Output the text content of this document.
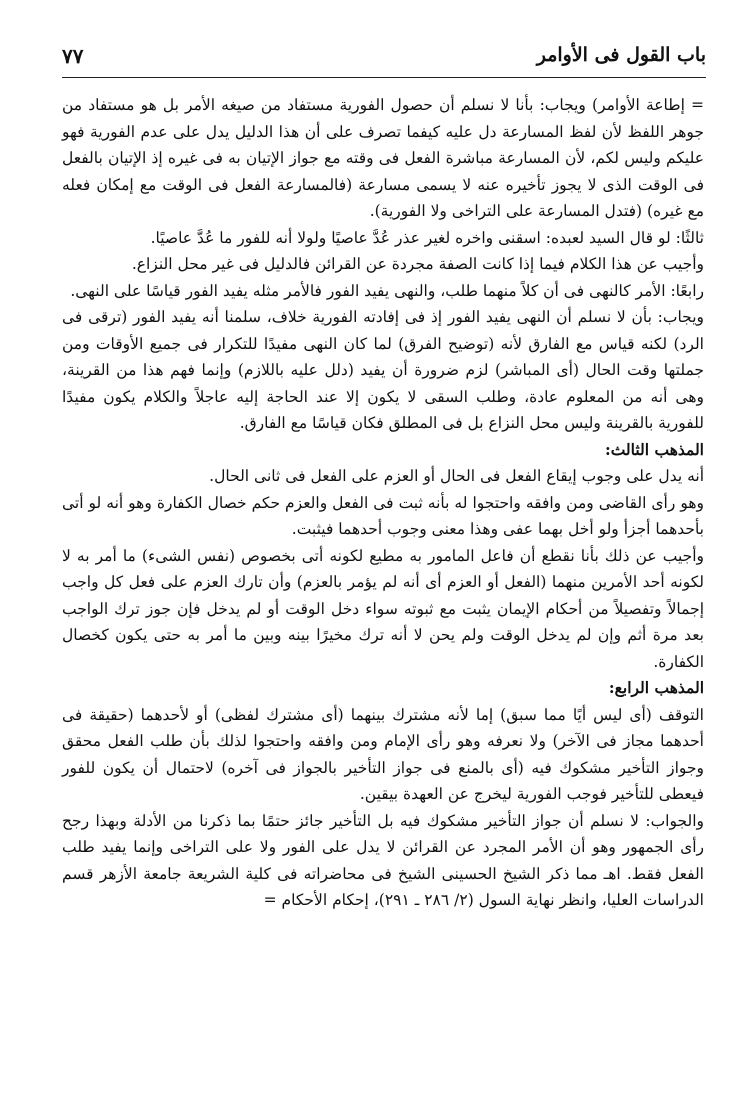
باب القول فى الأوامر
٧٧

= إطاعة الأوامر) ويجاب: بأنا لا نسلم أن حصول الفورية مستفاد من صيغه الأمر بل هو مستفاد من جوهر اللفظ لأن لفظ المسارعة دل عليه كيفما تصرف على أن هذا الدليل يدل على عدم الفورية فهو عليكم وليس لكم، لأن المسارعة مباشرة الفعل فى وقته مع جواز الإتيان به فى غيره إذ الإتيان بالفعل فى الوقت الذى لا يجوز تأخيره عنه لا يسمى مسارعة (فالمسارعة الفعل فى الوقت مع إمكان فعله مع غيره) (فتدل المسارعة على التراخى ولا الفورية).

ثالثًا: لو قال السيد لعبده: اسقنى واخره لغير عذر عُدَّ عاصيًا ولولا أنه للفور ما عُدَّ عاصيًا.

وأجيب عن هذا الكلام فيما إذا كانت الصفة مجردة عن القرائن فالدليل فى غير محل النزاع.

رابعًا: الأمر كالنهى فى أن كلاً منهما طلب، والنهى يفيد الفور فالأمر مثله يفيد الفور قياسًا على النهى.

ويجاب: بأن لا نسلم أن النهى يفيد الفور إذ فى إفادته الفورية خلاف، سلمنا أنه يفيد الفور (ترقى فى الرد) لكنه قياس مع الفارق لأنه (توضيح الفرق) لما كان النهى مفيدًا للتكرار فى جميع الأوقات ومن جملتها وقت الحال (أى المباشر) لزم ضرورة أن يفيد (دلل عليه باللازم) وإنما فهم هذا من القرينة، وهى أنه من المعلوم عادة، وطلب السقى لا يكون إلا عند الحاجة إليه عاجلاً والكلام يكون مفيدًا للفورية بالقرينة وليس محل النزاع بل فى المطلق فكان قياسًا مع الفارق.

المذهب الثالث:

أنه يدل على وجوب إيقاع الفعل فى الحال أو العزم على الفعل فى ثانى الحال.

وهو رأى القاضى ومن وافقه واحتجوا له بأنه ثبت فى الفعل والعزم حكم خصال الكفارة وهو أنه لو أتى بأحدهما أجزأ ولو أخل بهما عفى وهذا معنى وجوب أحدهما فيثبت.

وأجيب عن ذلك بأنا نقطع أن فاعل المامور به مطيع لكونه أتى بخصوص (نفس الشىء) ما أمر به لا لكونه أحد الأمرين منهما (الفعل أو العزم أى أنه لم يؤمر بالعزم) وأن تارك العزم على فعل كل واجب إجمالاً وتفصيلاً من أحكام الإيمان يثبت مع ثبوته سواء دخل الوقت أو لم يدخل فإن جوز ترك الواجب بعد مرة أثم وإن لم يدخل الوقت ولم يحن لا أنه ترك مخيرًا بينه وبين ما أمر به حتى يكون كخصال الكفارة.

المذهب الرابع:

التوقف (أى ليس أيًا مما سبق) إما لأنه مشترك بينهما (أى مشترك لفظى) أو لأحدهما (حقيقة فى أحدهما مجاز فى الآخر) ولا نعرفه وهو رأى الإمام ومن وافقه واحتجوا لذلك بأن طلب الفعل محقق وجواز التأخير مشكوك فيه (أى بالمنع فى جواز التأخير بالجواز فى آخره) لاحتمال أن يكون للفور فيعطى للتأخير فوجب الفورية ليخرج عن العهدة بيقين.

والجواب: لا نسلم أن جواز التأخير مشكوك فيه بل التأخير جائز حتمًا بما ذكرنا من الأدلة وبهذا رجح رأى الجمهور وهو أن الأمر المجرد عن القرائن لا يدل على الفور ولا على التراخى وإنما يفيد طلب الفعل فقط. اهـ مما ذكر الشيخ الحسينى الشيخ فى محاضراته فى كلية الشريعة جامعة الأزهر قسم الدراسات العليا، وانظر نهاية السول (٢/ ٢٨٦ ـ ٢٩١)، إحكام الأحكام =
